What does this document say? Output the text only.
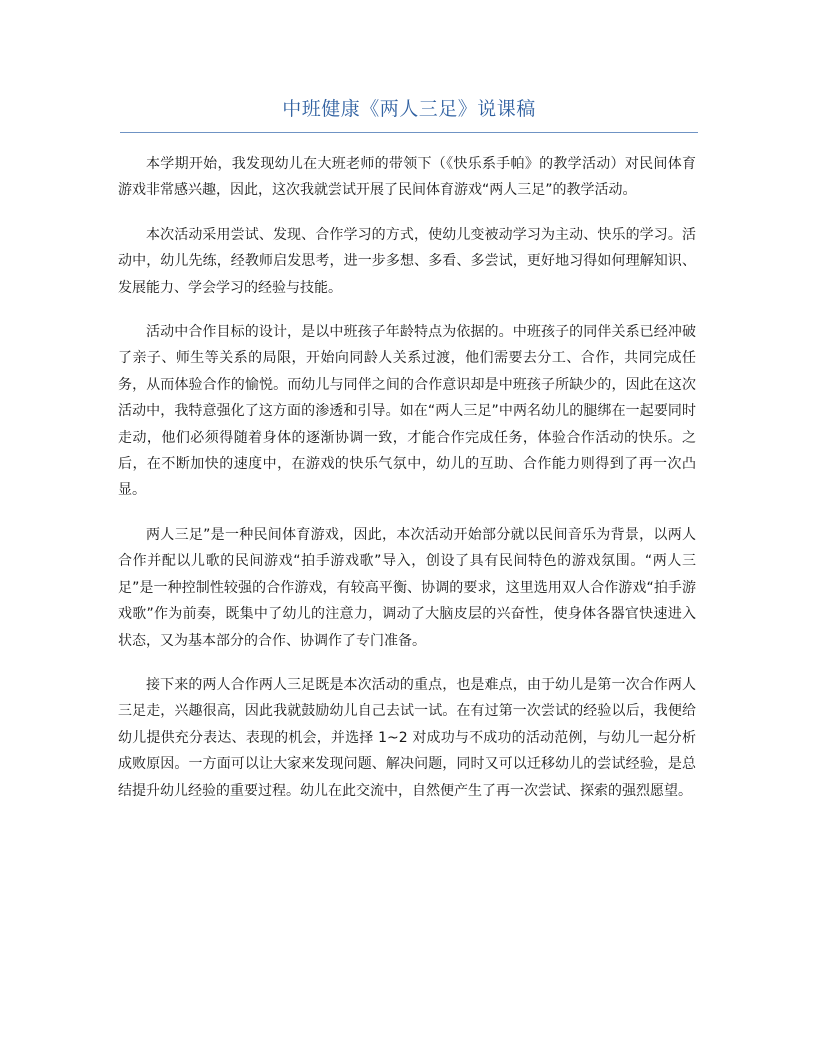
中班健康《两人三足》说课稿

本学期开始，我发现幼儿在大班老师的带领下（《快乐系手帕》的教学活动）对民间体育游戏非常感兴趣，因此，这次我就尝试开展了民间体育游戏“两人三足”的教学活动。

本次活动采用尝试、发现、合作学习的方式，使幼儿变被动学习为主动、快乐的学习。活动中，幼儿先练，经教师启发思考，进一步多想、多看、多尝试，更好地习得如何理解知识、发展能力、学会学习的经验与技能。

活动中合作目标的设计，是以中班孩子年龄特点为依据的。中班孩子的同伴关系已经冲破了亲子、师生等关系的局限，开始向同龄人关系过渡，他们需要去分工、合作，共同完成任务，从而体验合作的愉悦。而幼儿与同伴之间的合作意识却是中班孩子所缺少的，因此在这次活动中，我特意强化了这方面的渗透和引导。如在“两人三足”中两名幼儿的腿绑在一起要同时走动，他们必须得随着身体的逐渐协调一致，才能合作完成任务，体验合作活动的快乐。之后，在不断加快的速度中，在游戏的快乐气氛中，幼儿的互助、合作能力则得到了再一次凸显。

两人三足”是一种民间体育游戏，因此，本次活动开始部分就以民间音乐为背景，以两人合作并配以儿歌的民间游戏“拍手游戏歌”导入，创设了具有民间特色的游戏氛围。“两人三足”是一种控制性较强的合作游戏，有较高平衡、协调的要求，这里选用双人合作游戏“拍手游戏歌”作为前奏，既集中了幼儿的注意力，调动了大脑皮层的兴奋性，使身体各器官快速进入状态，又为基本部分的合作、协调作了专门准备。

接下来的两人合作两人三足既是本次活动的重点，也是难点，由于幼儿是第一次合作两人三足走，兴趣很高，因此我就鼓励幼儿自己去试一试。在有过第一次尝试的经验以后，我便给幼儿提供充分表达、表现的机会，并选择 1~2 对成功与不成功的活动范例，与幼儿一起分析成败原因。一方面可以让大家来发现问题、解决问题，同时又可以迁移幼儿的尝试经验，是总结提升幼儿经验的重要过程。幼儿在此交流中，自然便产生了再一次尝试、探索的强烈愿望。
